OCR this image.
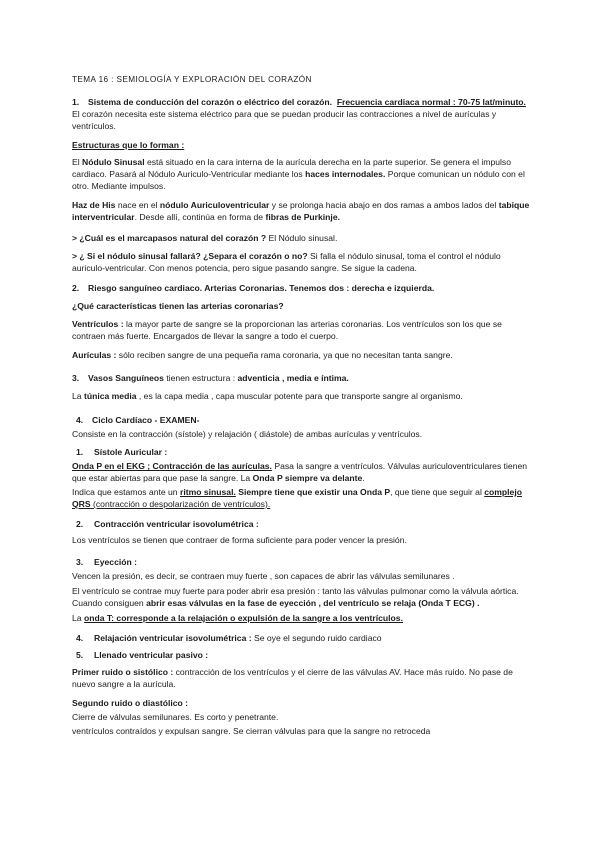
TEMA 16 : SEMIOLOGÍA Y EXPLORACIÓN DEL CORAZÓN

1. Sistema de conducción del corazón o eléctrico del corazón. Frecuencia cardiaca normal : 70-75 lat/minuto.

El corazón necesita este sistema eléctrico para que se puedan producir las contracciones a nivel de aurículas y ventrículos.

Estructuras que lo forman :

El Nódulo Sinusal está situado en la cara interna de la aurícula derecha en la parte superior. Se genera el impulso cardiaco. Pasará al Nódulo Auriculo-Ventricular mediante los haces internodales. Porque comunican un nódulo con el otro. Mediante impulsos.

Haz de His nace en el nódulo Auriculoventricular y se prolonga hacia abajo en dos ramas a ambos lados del tabique interventricular. Desde allí, continúa en forma de fibras de Purkinje.

> ¿Cuál es el marcapasos natural del corazón ? El Nódulo sinusal.

> ¿ Si el nódulo sinusal fallará? ¿Separa el corazón o no? Si falla el nódulo sinusal, toma el control el nódulo auriculo-ventricular. Con menos potencia, pero sigue pasando sangre. Se sigue la cadena.

2. Riesgo sanguíneo cardiaco. Arterias Coronarias. Tenemos dos : derecha e izquierda.

¿Qué características tienen las arterias coronarias?

Ventrículos : la mayor parte de sangre se la proporcionan las arterias coronarias. Los ventrículos son los que se contraen más fuerte. Encargados de llevar la sangre a todo el cuerpo.

Aurículas : sólo reciben sangre de una pequeña rama coronaria, ya que no necesitan tanta sangre.

3. Vasos Sanguíneos tienen estructura : adventicia , media e íntima.

La túnica media , es la capa media , capa muscular potente para que transporte sangre al organismo.

4. Ciclo Cardíaco - EXAMEN-

Consiste en la contracción (sístole) y relajación ( diástole) de ambas aurículas y ventrículos.

1. Sístole Auricular :

Onda P en el EKG ; Contracción de las aurículas. Pasa la sangre a ventrículos. Válvulas auriculoventriculares tienen que estar abiertas para que pase la sangre. La Onda P siempre va delante.

Indica que estamos ante un ritmo sinusal. Siempre tiene que existir una Onda P, que tiene que seguir al complejo QRS (contracción o despolarización de ventrículos).

2. Contracción ventricular isovolumétrica :

Los ventrículos se tienen que contraer de forma suficiente para poder vencer la presión.

3. Eyección :

Vencen la presión, es decir, se contraen muy fuerte , son capaces de abrir las válvulas semilunares .

El ventrículo se contrae muy fuerte para poder abrir esa presión : tanto las válvulas pulmonar como la válvula aórtica. Cuando consiguen abrir esas válvulas en la fase de eyección , del ventrículo se relaja (Onda T ECG) .

La onda T: corresponde a la relajación o expulsión de la sangre a los ventrículos.

4. Relajación ventricular isovolumétrica : Se oye el segundo ruido cardiaco

5. Llenado ventricular pasivo :

Primer ruido o sistólico : contracción de los ventrículos y el cierre de las válvulas AV. Hace más ruido. No pase de nuevo sangre a la aurícula.

Segundo ruido o diastólico :

Cierre de válvulas semilunares. Es corto y penetrante.

ventrículos contraídos y expulsan sangre. Se cierran válvulas para que la sangre no retroceda
